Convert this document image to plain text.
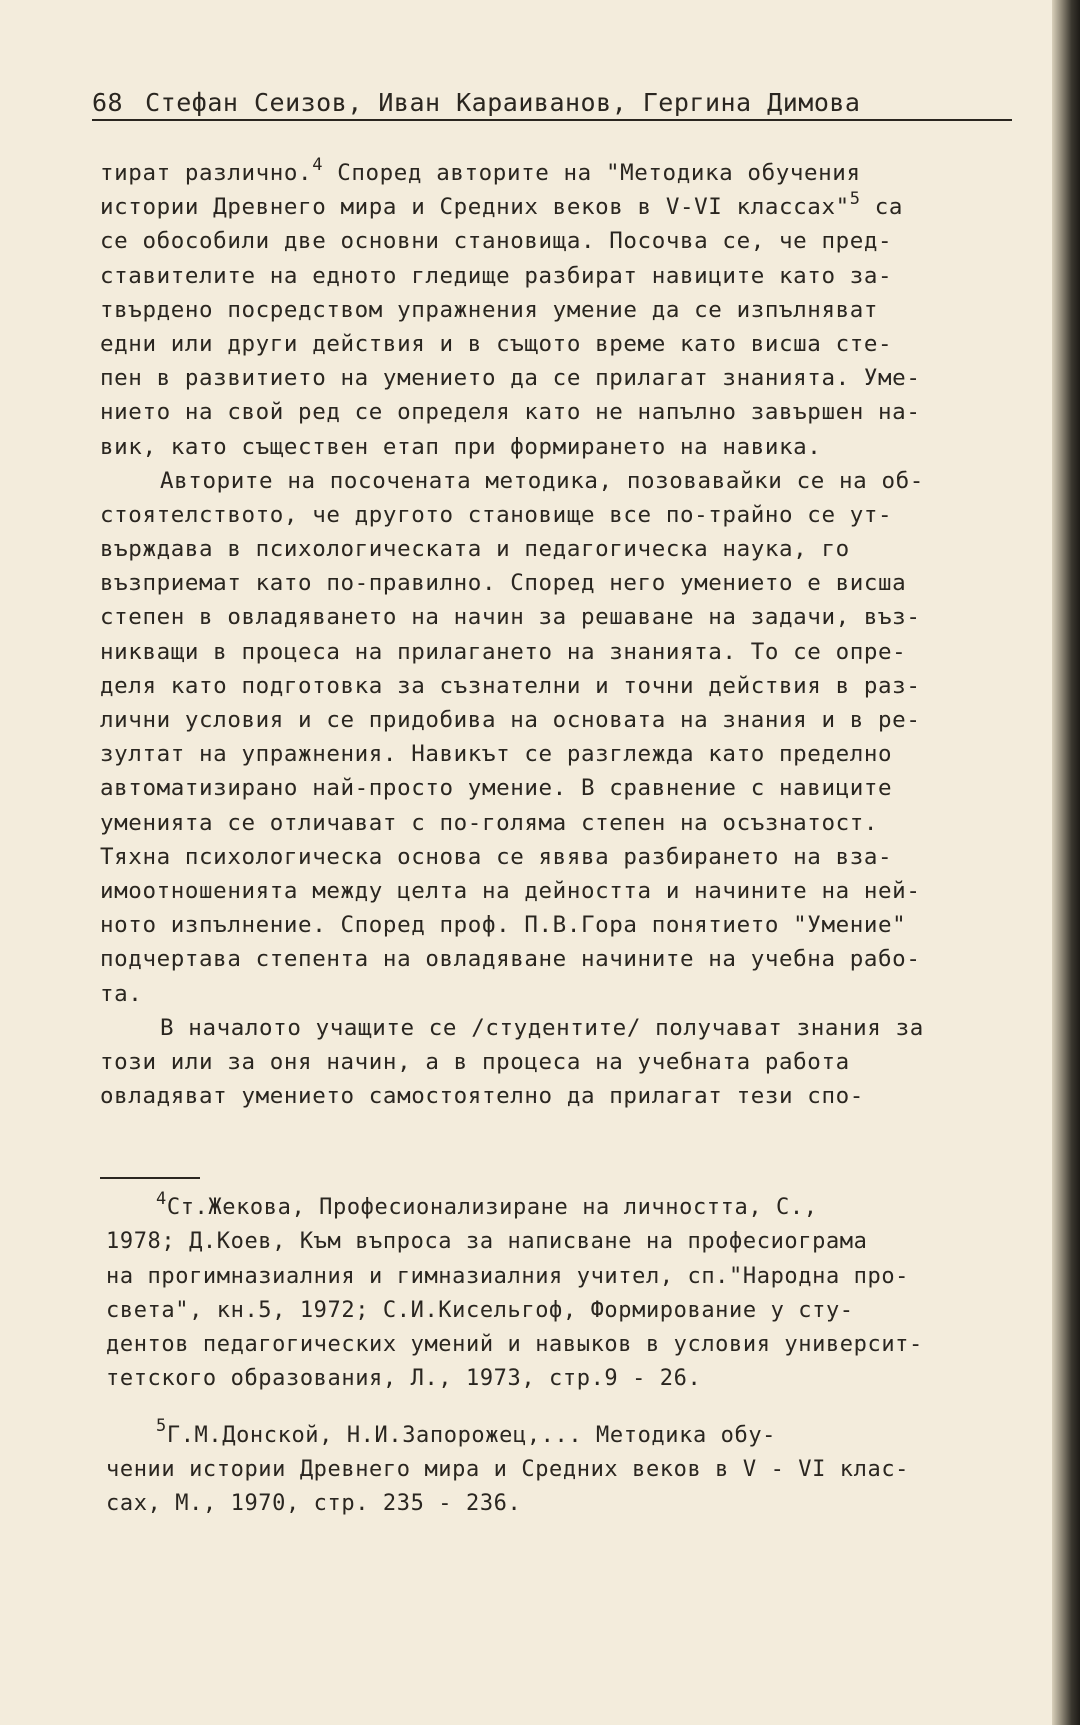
68 Стефан Сеизов, Иван Караиванов, Гергина Димова
тират различно.$^4$ Според авторите на "Методика обучения
истории Древнего мира и Средних веков в V-VI классах"$^5$ са
се обособили две основни становища. Посочва се, че пред-
ставителите на едното гледище разбират навиците като за-
твърдено посредством упражнения умение да се изпълняват
едни или други действия и в същото време като висша сте-
пен в развитието на умението да се прилагат знанията. Уме-
нието на свой ред се определя като не напълно завършен на-
вик, като съществен етап при формирането на навика.
Авторите на посочената методика, позовавайки се на об-
стоятелството, че другото становище все по-трайно се ут-
върждава в психологическата и педагогическа наука, го
възприемат като по-правилно. Според него умението е висша
степен в овладяването на начин за решаване на задачи, въз-
никващи в процеса на прилагането на знанията. То се опре-
деля като подготовка за съзнателни и точни действия в раз-
лични условия и се придобива на основата на знания и в ре-
зултат на упражнения. Навикът се разглежда като пределно
автоматизирано най-просто умение. В сравнение с навиците
уменията се отличават с по-голяма степен на осъзнатост.
Тяхна психологическа основа се явява разбирането на вза-
имоотношенията между целта на дейността и начините на ней-
ното изпълнение. Според проф. П.В.Гора понятието "Умение"
подчертава степента на овладяване начините на учебна рабо-
та.
В началото учащите се /студентите/ получават знания за
този или за оня начин, а в процеса на учебната работа
овладяват умението самостоятелно да прилагат тези спо-
$^4$Ст.Жекова, Професионализиране на личността, С.,
1978; Д.Коев, Към въпроса за написване на професиограма
на прогимназиалния и гимназиалния учител, сп."Народна про-
света", кн.5, 1972; С.И.Кисельгоф, Формирование у сту-
дентов педагогических умений и навыков в условия университ-
тетского образования, Л., 1973, стр.9 - 26.
$^5$Г.М.Донской, Н.И.Запорожец,... Методика обу-
чении истории Древнего мира и Средних веков в V - VI клас-
сах, М., 1970, стр. 235 - 236.
